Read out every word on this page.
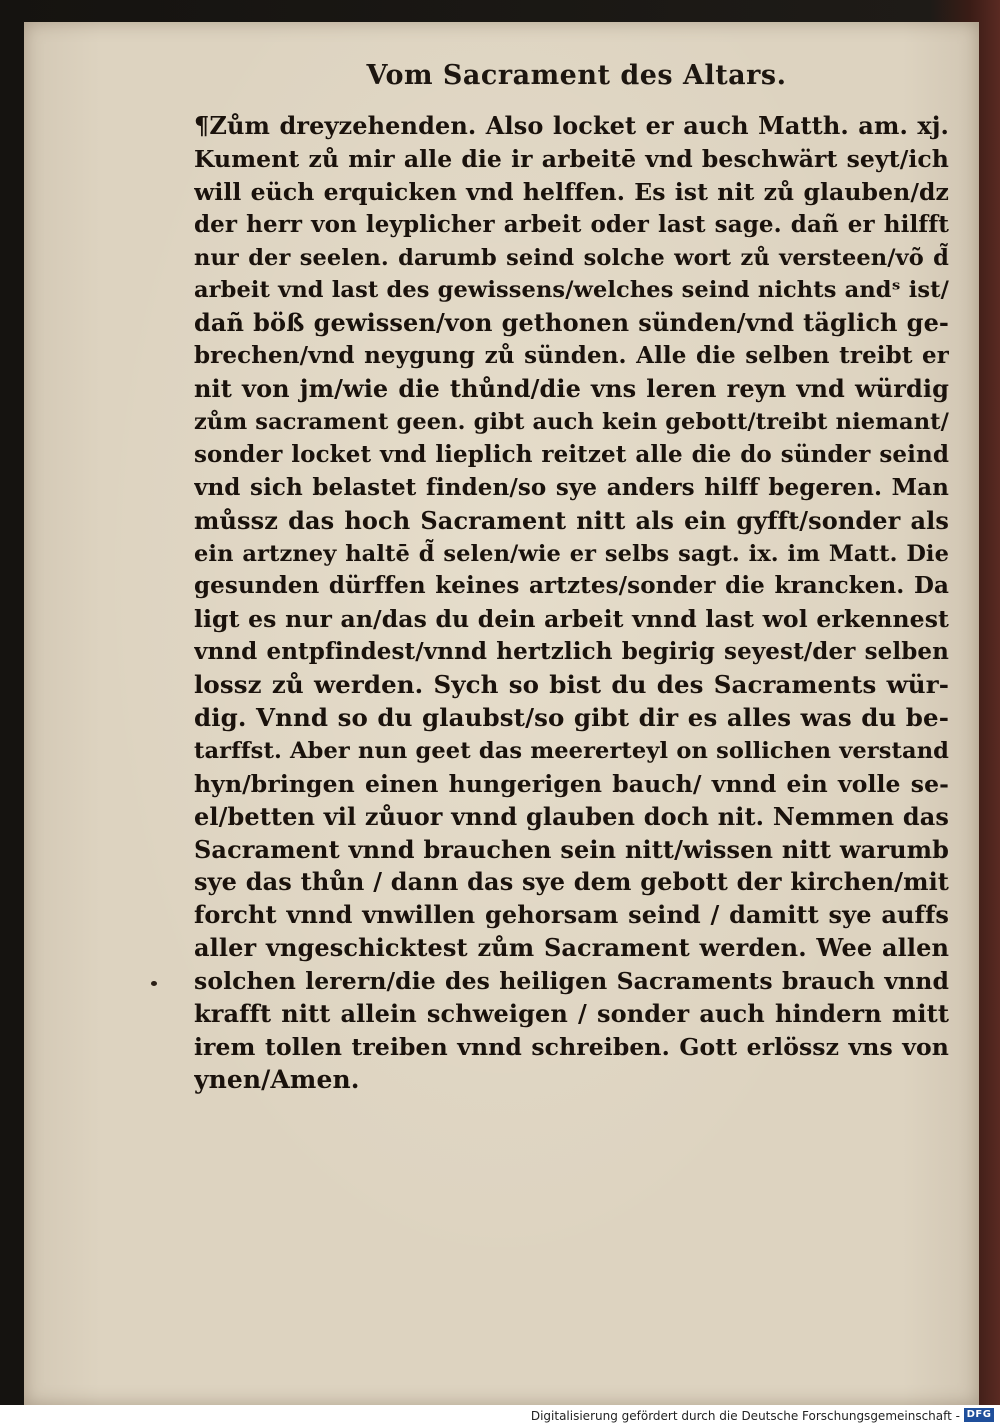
Vom Sacrament des Altars.
¶Zům dreyzehenden. Also locket er auch Matth. am. xj.
Kument zů mir alle die ir arbeitē vnd beschwärt seyt/ich
will eüch erquicken vnd helffen. Es ist nit zů glauben/dz
der herr von leyplicher arbeit oder last sage. dañ er hilfft
nur der seelen. darumb seind solche wort zů versteen/võ d̃
arbeit vnd last des gewissens/welches seind nichts andˢ ist/
dañ böß gewissen/von gethonen sünden/vnd täglich ge-
brechen/vnd neygung zů sünden. Alle die selben treibt er
nit von jm/wie die thůnd/die vns leren reyn vnd würdig
zům sacrament geen. gibt auch kein gebott/treibt niemant/
sonder locket vnd lieplich reitzet alle die do sünder seind
vnd sich belastet finden/so sye anders hilff begeren. Man
můssz das hoch Sacrament nitt als ein gyfft/sonder als
ein artzney haltē d̃ selen/wie er selbs sagt. ix. im Matt. Die
gesunden dürffen keines artztes/sonder die krancken. Da
ligt es nur an/das du dein arbeit vnnd last wol erkennest
vnnd entpfindest/vnnd hertzlich begirig seyest/der selben
lossz zů werden. Sych so bist du des Sacraments wür-
dig. Vnnd so du glaubst/so gibt dir es alles was du be-
tarffst. Aber nun geet das meererteyl on sollichen verstand
hyn/bringen einen hungerigen bauch/ vnnd ein volle se-
el/betten vil zůuor vnnd glauben doch nit. Nemmen das
Sacrament vnnd brauchen sein nitt/wissen nitt warumb
sye das thůn / dann das sye dem gebott der kirchen/mit
forcht vnnd vnwillen gehorsam seind / damitt sye auffs
aller vngeschicktest zům Sacrament werden. Wee allen
solchen lerern/die des heiligen Sacraments brauch vnnd
krafft nitt allein schweigen / sonder auch hindern mitt
irem tollen treiben vnnd schreiben. Gott erlössz vns von
ynen/Amen.
Digitalisierung gefördert durch die Deutsche Forschungsgemeinschaft - DFG
